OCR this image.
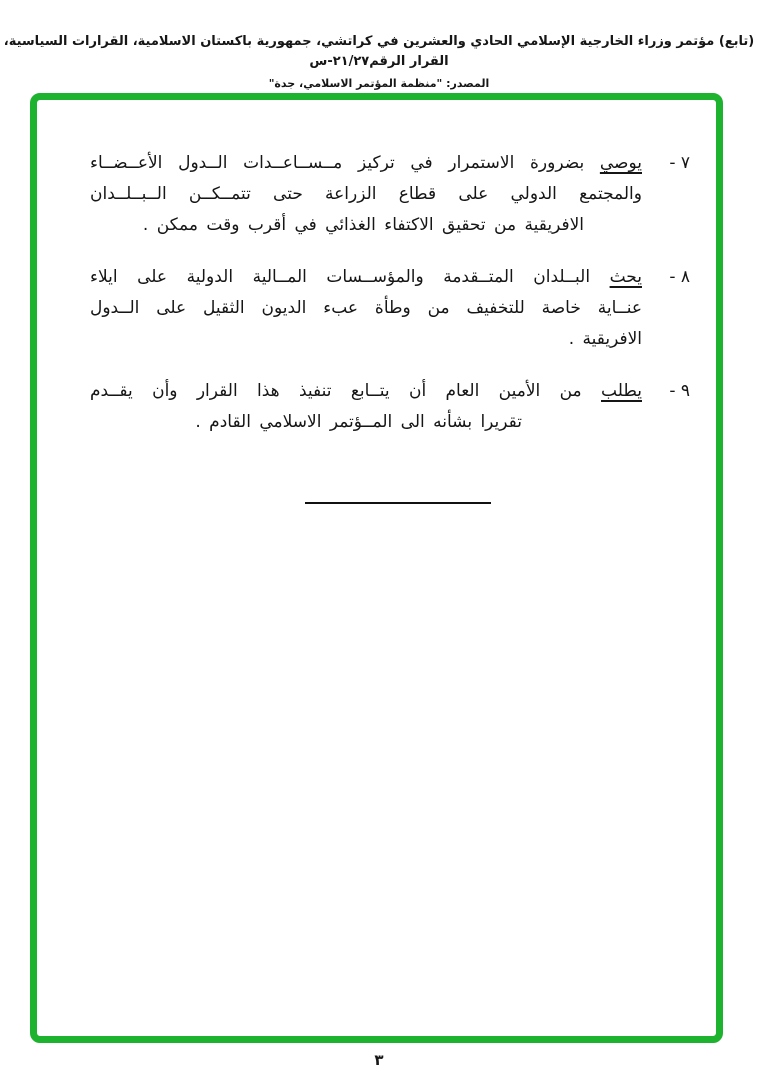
(تابع) مؤتمر وزراء الخارجية الإسلامي الحادي والعشرين في كراتشي، جمهورية باكستان الاسلامية، القرارات السياسية، القرار الرقم٢١/٢٧-س
المصدر: "منظمة المؤتمر الاسلامي، جدة"
٧ -
يوصي بضرورة الاستمرار في تركيز مــســاعــدات الــدول الأعــضــاء
والمجتمع الدولي على قطاع الزراعة حتى تتمــكــن الــبــلــدان
الافريقية من تحقيق الاكتفاء الغذائي في أقرب وقت ممكن .
٨ -
يحث البــلدان المتــقدمة والمؤســسات المــالية الدولية على ايلاء
عنــاية خاصة للتخفيف من وطأة عبء الديون الثقيل على الــدول
الافريقية .
٩ -
يطلب من الأمين العام أن يتــابع تنفيذ هذا القرار وأن يقــدم
تقريرا بشأنه الى المــؤتمر الاسلامي القادم .
٣
